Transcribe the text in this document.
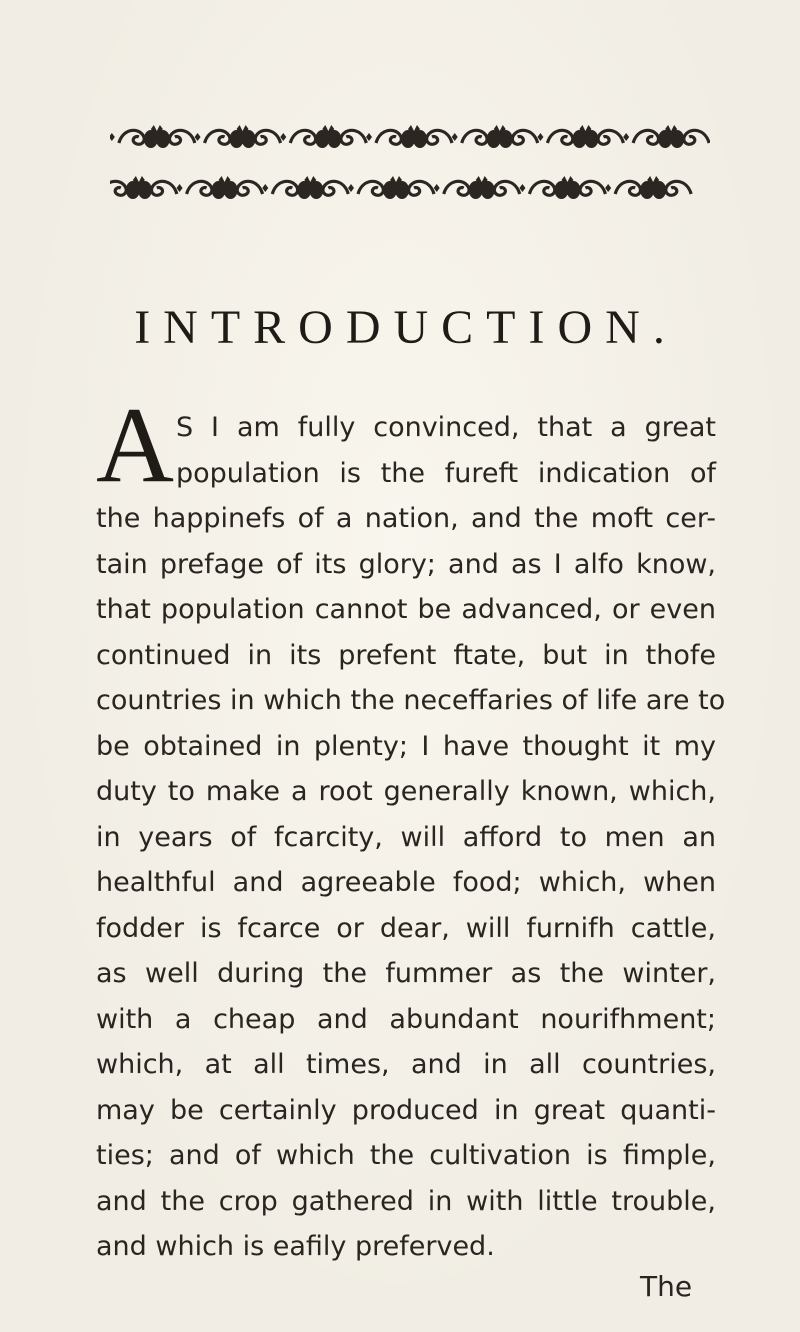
INTRODUCTION.
A S I am fully convinced, that a great
population is the fureft indication of
the happinefs of a nation, and the moft cer-
tain prefage of its glory; and as I alfo know,
that population cannot be advanced, or even
continued in its prefent ftate, but in thofe
countries in which the neceffaries of life are to
be obtained in plenty; I have thought it my
duty to make a root generally known, which,
in years of fcarcity, will afford to men an
healthful and agreeable food; which, when
fodder is fcarce or dear, will furnifh cattle,
as well during the fummer as the winter,
with a cheap and abundant nourifhment;
which, at all times, and in all countries,
may be certainly produced in great quanti-
ties; and of which the cultivation is fimple,
and the crop gathered in with little trouble,
and which is eafily preferved.

The
